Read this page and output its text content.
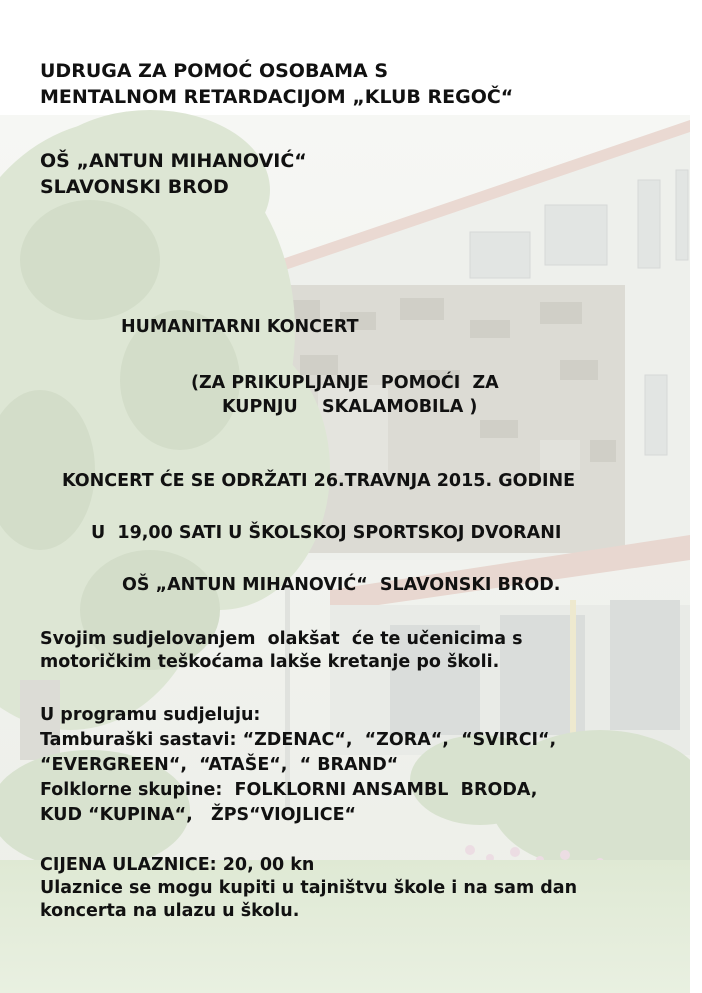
UDRUGA ZA POMOĆ OSOBAMA S

MENTALNOM RETARDACIJOM „KLUB REGOČ“

OŠ „ANTUN MIHANOVIĆ“

SLAVONSKI BROD

HUMANITARNI KONCERT

(ZA PRIKUPLJANJE  POMOĆI  ZA

KUPNJU    SKALAMOBILA )

KONCERT ĆE SE ODRŽATI 26.TRAVNJA 2015. GODINE

U  19,00 SATI U ŠKOLSKOJ SPORTSKOJ DVORANI

OŠ „ANTUN MIHANOVIĆ“  SLAVONSKI BROD.

Svojim sudjelovanjem  olakšat  će te učenicima s

motoričkim teškoćama lakše kretanje po školi.

U programu sudjeluju:

Tamburaški sastavi: “ZDENAC“,  “ZORA“,  “SVIRCI“,

“EVERGREEN“,  “ATAŠE“,  “ BRAND“

Folklorne skupine:  FOLKLORNI ANSAMBL  BRODA,

KUD “KUPINA“,   ŽPS“VIOJLICE“

CIJENA ULAZNICE: 20, 00 kn

Ulaznice se mogu kupiti u tajništvu škole i na sam dan

koncerta na ulazu u školu.
